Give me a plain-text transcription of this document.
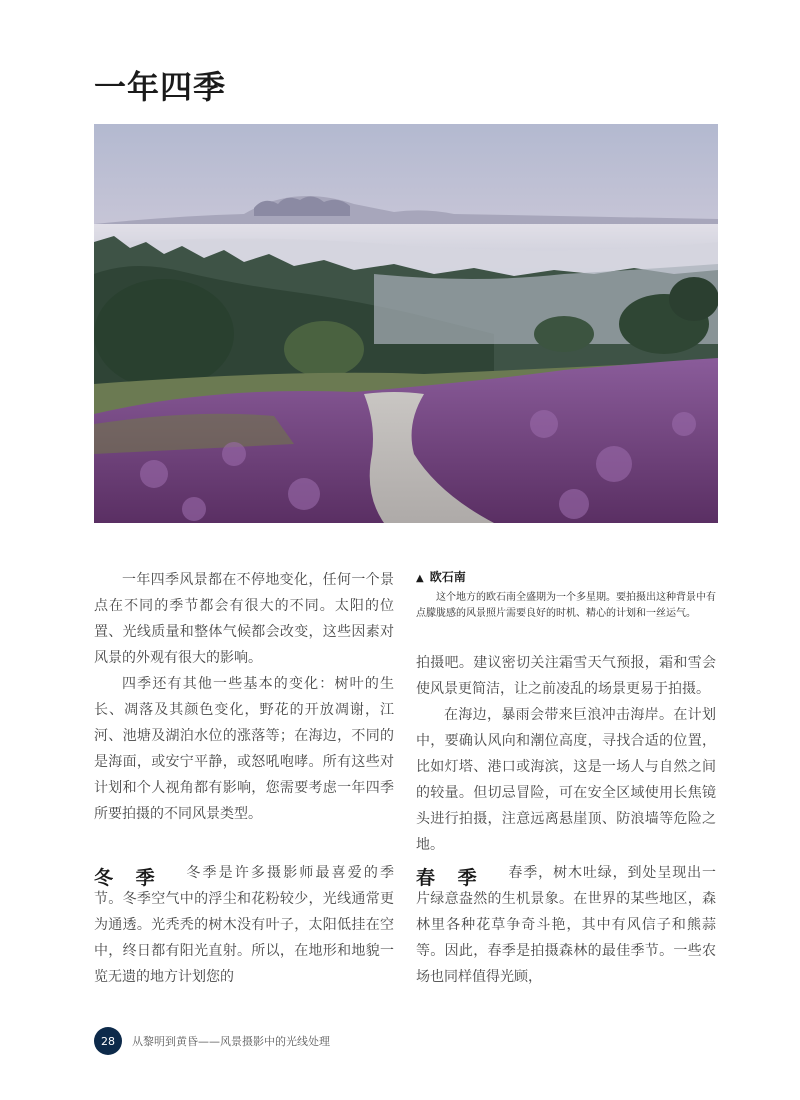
一年四季

一年四季风景都在不停地变化，任何一个景点在不同的季节都会有很大的不同。太阳的位置、光线质量和整体气候都会改变，这些因素对风景的外观有很大的影响。

四季还有其他一些基本的变化：树叶的生长、凋落及其颜色变化，野花的开放凋谢，江河、池塘及湖泊水位的涨落等；在海边，不同的是海面，或安宁平静，或怒吼咆哮。所有这些对计划和个人视角都有影响，您需要考虑一年四季所要拍摄的不同风景类型。

▲ 欧石南
这个地方的欧石南全盛期为一个多星期。要拍摄出这种背景中有点朦胧感的风景照片需要良好的时机、精心的计划和一丝运气。

拍摄吧。建议密切关注霜雪天气预报，霜和雪会使风景更简洁，让之前凌乱的场景更易于拍摄。

在海边，暴雨会带来巨浪冲击海岸。在计划中，要确认风向和潮位高度，寻找合适的位置，比如灯塔、港口或海滨，这是一场人与自然之间的较量。但切忌冒险，可在安全区域使用长焦镜头进行拍摄，注意远离悬崖顶、防浪墙等危险之地。

冬 季	春 季

冬季是许多摄影师最喜爱的季节。冬季空气中的浮尘和花粉较少，光线通常更为通透。光秃秃的树木没有叶子，太阳低挂在空中，终日都有阳光直射。所以，在地形和地貌一览无遗的地方计划您的

春季，树木吐绿，到处呈现出一片绿意盎然的生机景象。在世界的某些地区，森林里各种花草争奇斗艳，其中有风信子和熊蒜等。因此，春季是拍摄森林的最佳季节。一些农场也同样值得光顾，

28	从黎明到黄昏——风景摄影中的光线处理
